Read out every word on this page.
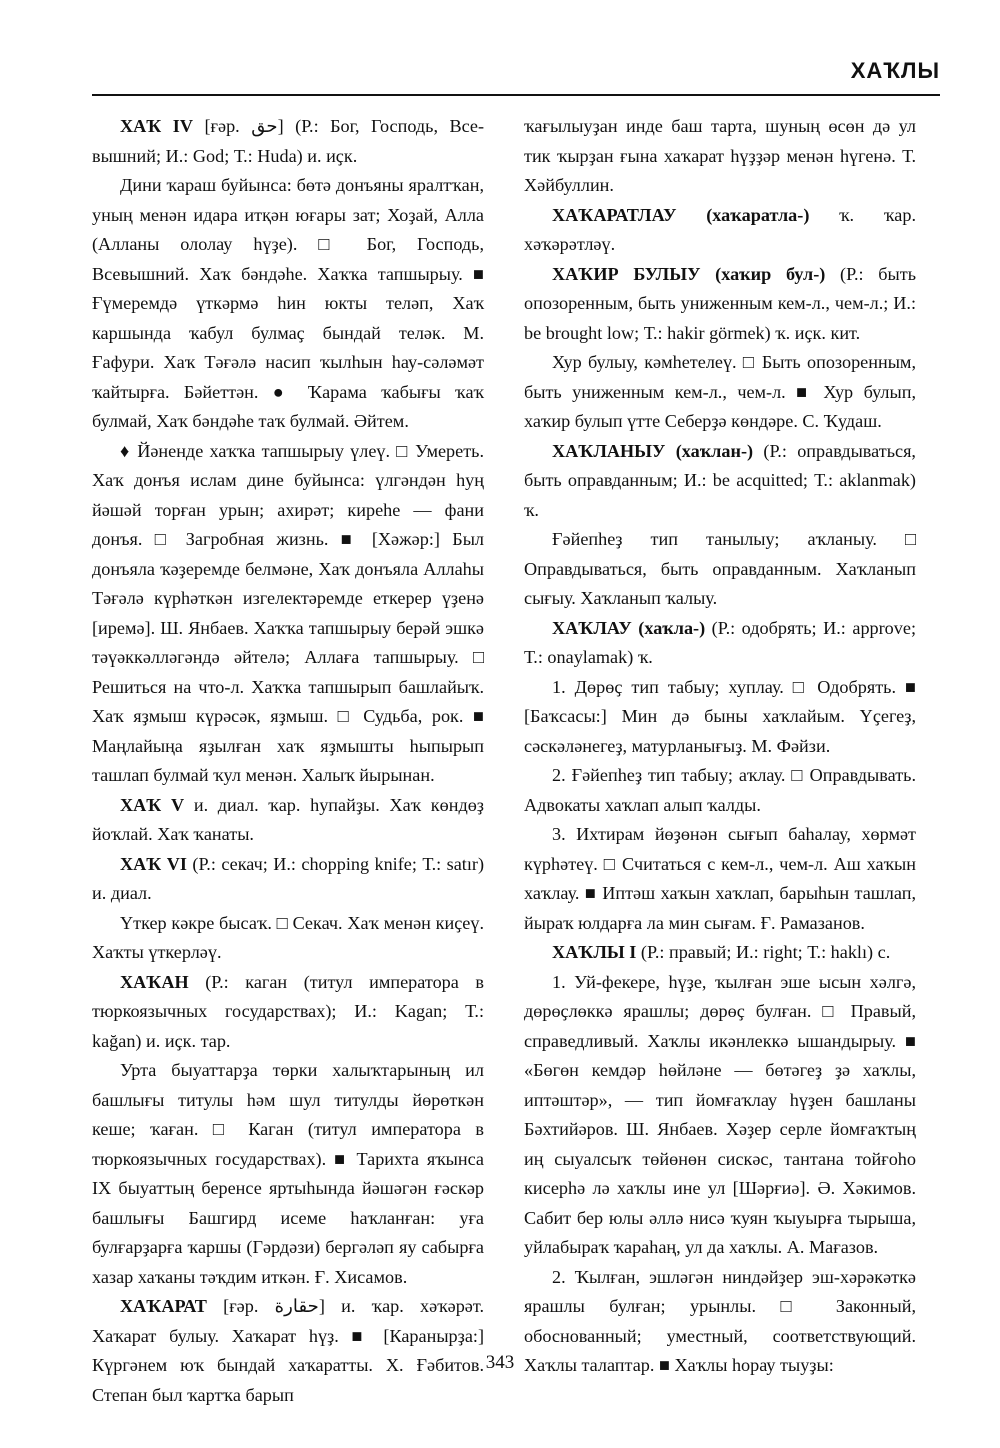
ХАҠЛЫ

ХАҠ IV [ғәр. حق] (Р.: Бог, Господь, Все-вышний; И.: God; Т.: Huda) и. иҫк.

Дини ҡараш буйынса: бөтә донъяны яралтҡан, уның менән идара итқән юғары зат; Хоҙай, Алла (Алланы ололау һүҙе). □ Бог, Господь, Всевышний. Хаҡ бәндәһе. Хаҡҡа тапшырыу. ■ Ғүмеремдә үткәрмә һин юкты теләп, Хаҡ каршында ҡабул булмаҫ бындай теләк. М. Ғафури. Хаҡ Тәғәлә насип ҡылһын һау-сәләмәт ҡайтырға. Бәйеттән. ● Ҡарама ҡабығы ҡаҡ булмай, Хаҡ бәндәһе таҡ булмай. Әйтем.

♦ Йәненде хаҡҡа тапшырыу үлеү. □ Умереть. Хаҡ донъя ислам дине буйынса: үлгәндән һуң йәшәй торған урын; ахирәт; киреһе — фани донъя. □ Загробная жизнь. ■ [Хәжәр:] Был донъяла ҡәҙеремде белмәне, Хаҡ донъяла Аллаһы Тәғәлә күрһәткән изгелектәремде еткерер үҙенә [иремә]. Ш. Янбаев. Хаҡҡа тапшырыу берәй эшкә тәүәккәлләгәндә әйтелә; Аллаға тапшырыу. □ Решиться на что-л. Хаҡҡа тапшырып башлайыҡ. Хаҡ яҙмыш күрәсәк, яҙмыш. □ Судьба, рок. ■ Маңлайыңа яҙылған хаҡ яҙмышты һыпырып ташлап булмай ҡул менән. Халыҡ йырынан.

ХАҠ V и. диал. ҡар. һупайҙы. Хаҡ көндөҙ йоҡлай. Хаҡ ҡанаты.

ХАҠ VI (Р.: секач; И.: chopping knife; Т.: satır) и. диал.

Үткер кәкре бысаҡ. □ Секач. Хаҡ менән киҫеү. Хаҡты үткерләү.

ХАҠАН (Р.: каган (титул императора в тюркоязычных государствах); И.: Kagan; Т.: kağan) и. иҫк. тар.

Урта быуаттарҙа төрки халыҡтарының ил башлығы титулы һәм шул титулды йөрөткән кеше; ҡаған. □ Каган (титул императора в тюркоязычных государствах). ■ Тарихта яҡынса IX быуаттың беренсе яртыһында йәшәгән ғәскәр башлығы Башгирд исеме һаҡланған: уға булғарҙарға ҡаршы (Гәрдәзи) бергәләп яу сабырға хазар хаҡаны тәҡдим иткән. Ғ. Хисамов.

ХАҠАРАТ [ғәр. حقارة] и. ҡар. хәҡәрәт. Хаҡарат булыу. Хаҡарат һүҙ. ■ [Каранырҙа:] Күргәнем юҡ бындай хаҡаратты. Х. Ғәбитов. Степан был ҡартҡа барып

ҡағылыуҙан инде баш тарта, шуның өсөн дә ул тик ҡырҙан ғына хаҡарат һүҙҙәр менән һүгенә. Т. Хәйбуллин.

ХАҠАРАТЛАУ (хаҡаратла-) ҡ. ҡар. хәҡәрәтләү.

ХАҠИР БУЛЫУ (хаҡир бул-) (Р.: быть опозоренным, быть униженным кем-л., чем-л.; И.: be brought low; Т.: hakir görmek) ҡ. иҫк. кит.

Хур булыу, кәмһетелеү. □ Быть опозоренным, быть униженным кем-л., чем-л. ■ Хур булып, хаҡир булып үтте Себерҙә көндәре. С. Ҡудаш.

ХАҠЛАНЫУ (хаҡлан-) (Р.: оправдываться, быть оправданным; И.: be acquitted; Т.: aklanmak) ҡ.

Ғәйепһеҙ тип танылыу; аҡланыу. □ Оправдываться, быть оправданным. Хаҡланып сығыу. Хаҡланып ҡалыу.

ХАҠЛАУ (хаҡла-) (Р.: одобрять; И.: approve; Т.: onaylamak) ҡ.

1. Дөрөҫ тип табыу; хуплау. □ Одобрять. ■ [Баҡсасы:] Мин дә быны хаҡлайым. Үҫегеҙ, сәскәләнегеҙ, матурланығыҙ. М. Фәйзи.

2. Ғәйепһеҙ тип табыу; аҡлау. □ Оправдывать. Адвокаты хаҡлап алып ҡалды.

3. Ихтирам йөҙөнән сығып баһалау, хөрмәт күрһәтеү. □ Считаться с кем-л., чем-л. Аш хаҡын хаҡлау. ■ Иптәш хаҡын хаҡлап, барыһын ташлап, йыраҡ юлдарға ла мин сығам. Ғ. Рамазанов.

ХАҠЛЫ I (Р.: правый; И.: right; Т.: haklı) с.

1. Уй-фекере, һүҙе, ҡылған эше ысын хәлгә, дөрөҫлөккә ярашлы; дөрөҫ булған. □ Правый, справедливый. Хаҡлы икәнлеккә ышандырыу. ■ «Бөгөн кемдәр һөйләне — бөтәгеҙ ҙә хаҡлы, иптәштәр», — тип йомғаҡлау һүҙен башланы Бәхтийәров. Ш. Янбаев. Хәҙер серле йомғаҡтың иң сыуалсыҡ төйөнөн сискәс, тантана тойғоһо кисерһә лә хаҡлы ине ул [Шәрғиә]. Ә. Хәкимов. Сабит бер юлы әллә нисә ҡуян ҡыуырға тырыша, уйлабыраҡ ҡараһаң, ул да хаҡлы. А. Мағазов.

2. Ҡылған, эшләгән ниндәйҙер эш-хәрәкәткә ярашлы булған; урынлы. □ Законный, обоснованный; уместный, соответствующий. Хаҡлы талаптар. ■ Хаҡлы һорау тыуҙы:

343
